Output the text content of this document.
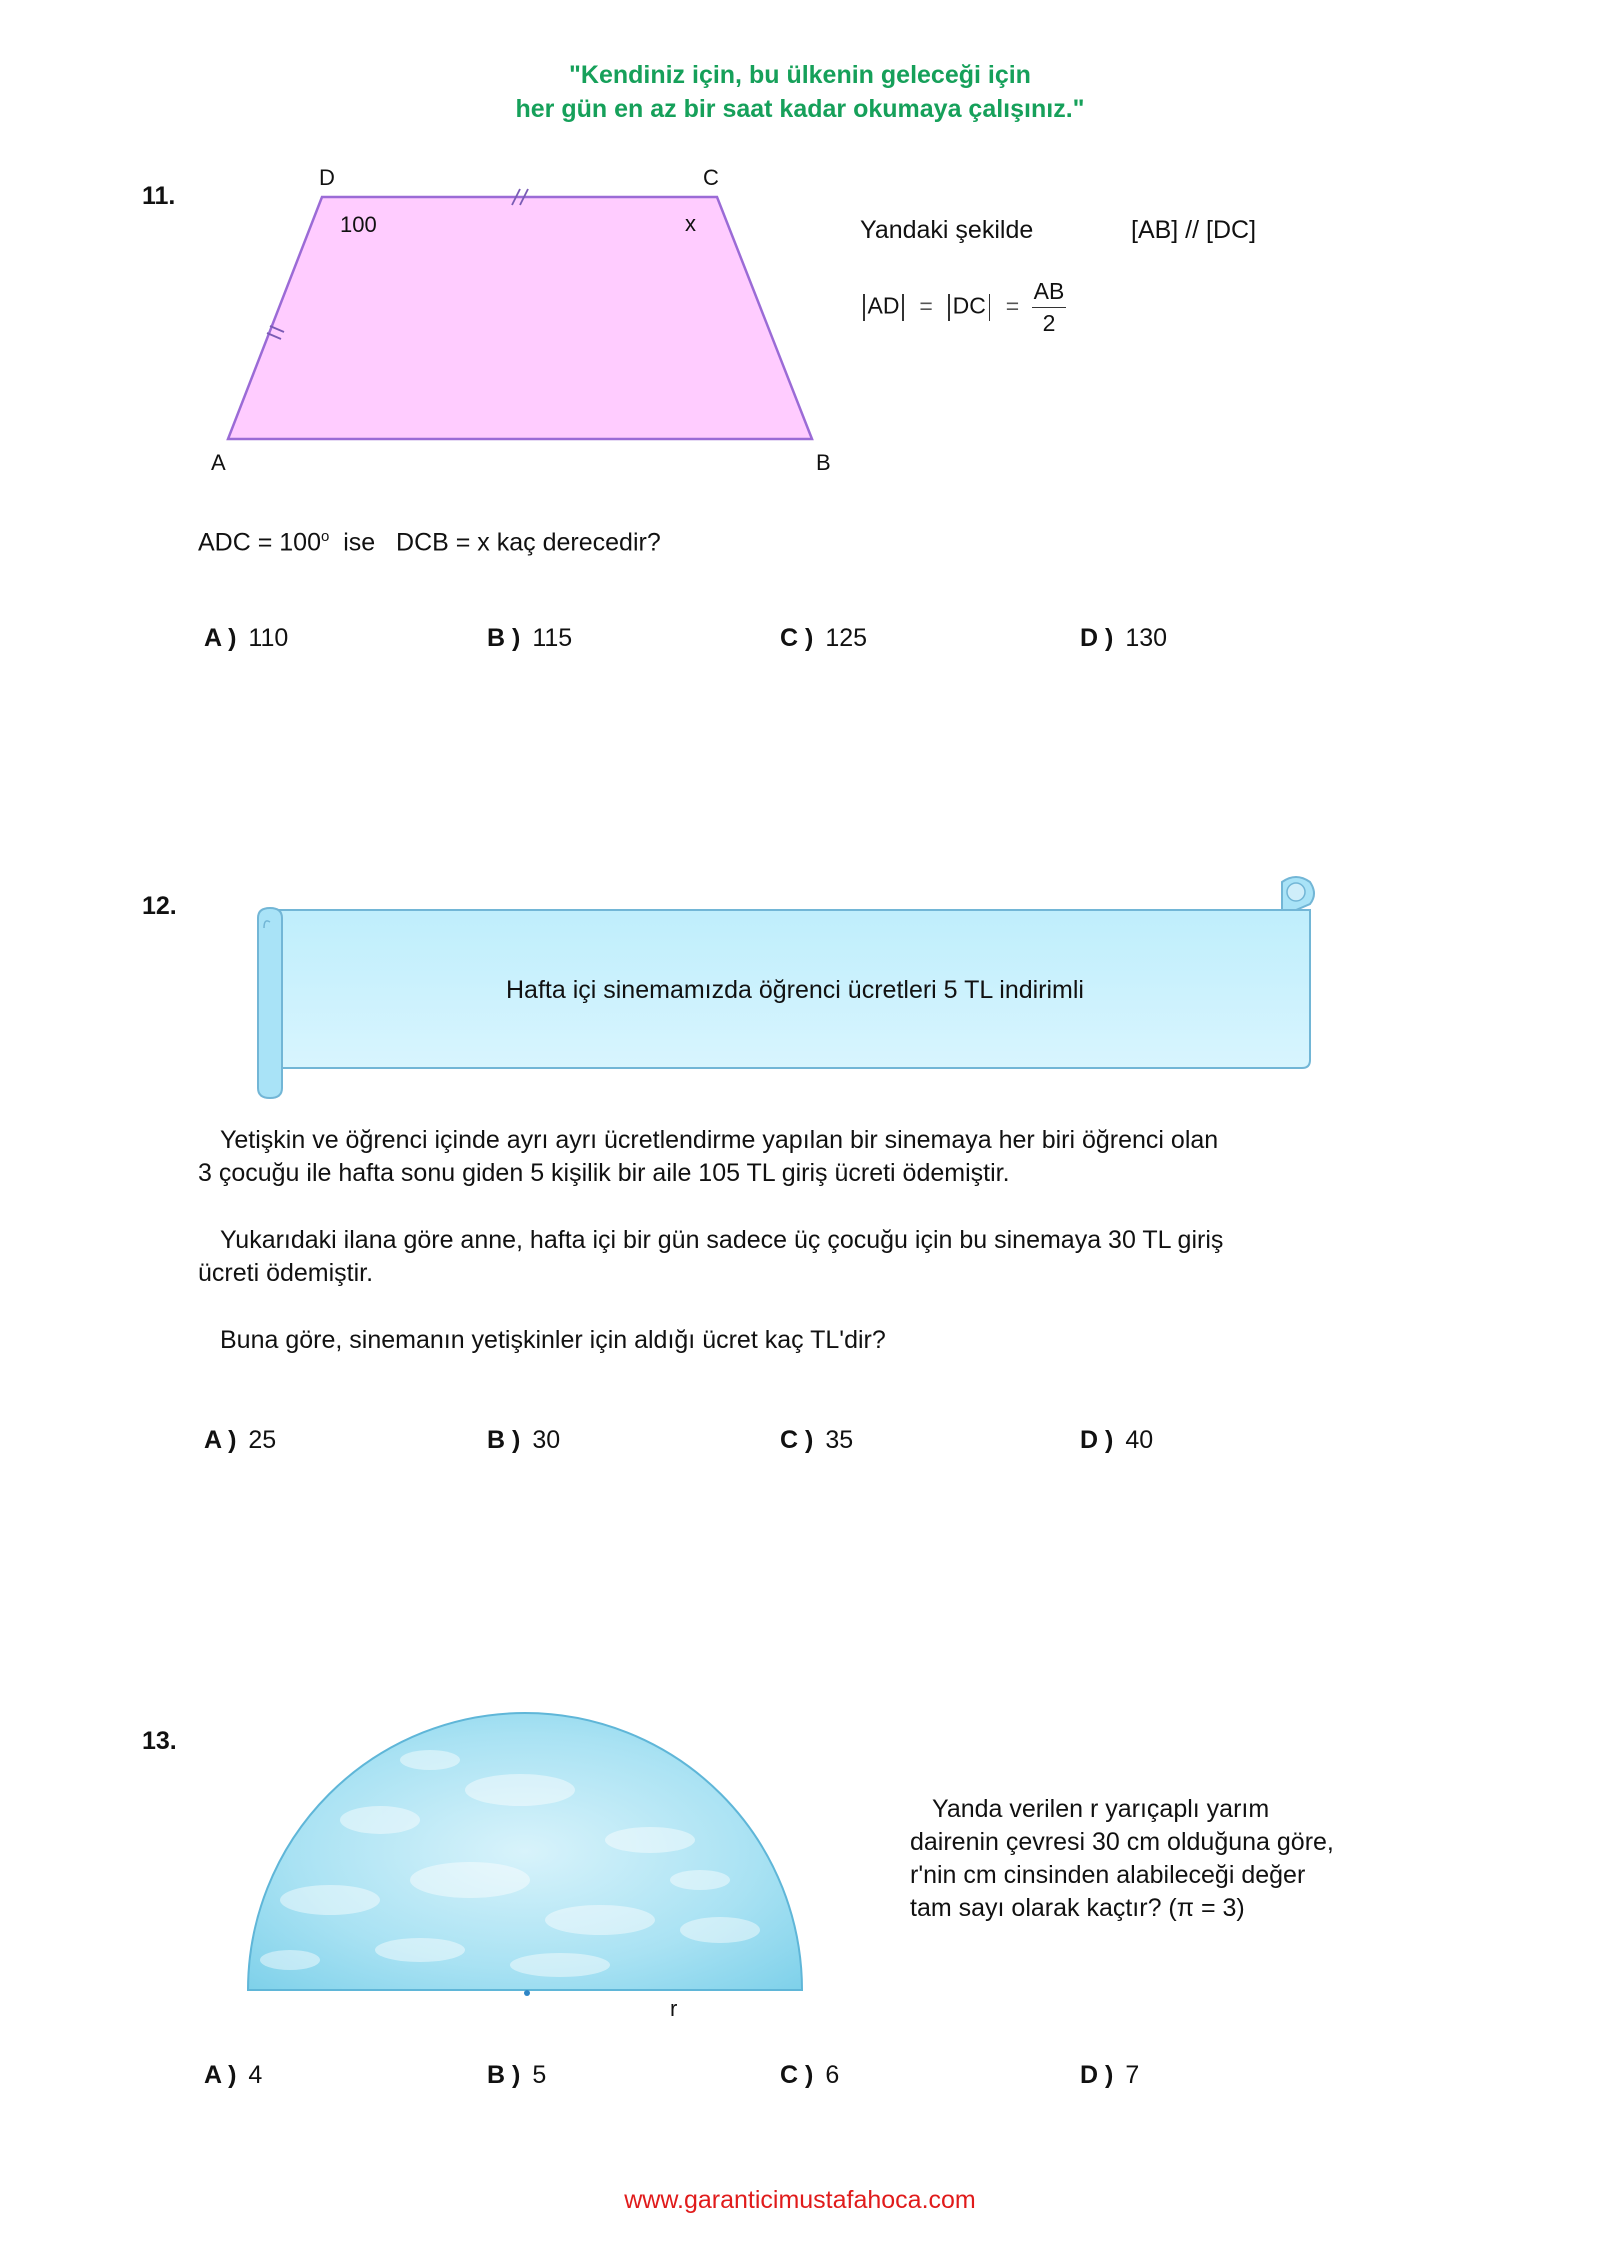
"Kendiniz için, bu ülkenin geleceği için
her gün en az bir saat kadar okumaya çalışınız."
11.
D	C
A	B
100	x	Yandaki şekilde	[AB] // [DC]
AD = DC = $\frac{AB}{2}$
ADC = $100^o$  ise   DCB = x kaç derecedir?
A ) 110	B ) 115	C ) 125	D ) 130
12.
Hafta içi sinemamızda öğrenci ücretleri 5 TL indirimli
Yetişkin ve öğrenci içinde ayrı ayrı ücretlendirme yapılan bir sinemaya her biri öğrenci olan
3 çocuğu ile hafta sonu giden 5 kişilik bir aile 105 TL giriş ücreti ödemiştir.
Yukarıdaki ilana göre anne, hafta içi bir gün sadece üç çocuğu için bu sinemaya 30 TL giriş
ücreti ödemiştir.
Buna göre, sinemanın yetişkinler için aldığı ücret kaç TL'dir?
A ) 25	B ) 30	C ) 35	D ) 40
13.
r
Yanda verilen r yarıçaplı yarım
dairenin çevresi 30 cm olduğuna göre,
r'nin cm cinsinden alabileceği değer
tam sayı olarak kaçtır? (π = 3)
A ) 4	B ) 5	C ) 6	D ) 7
www.garanticimustafahoca.com
